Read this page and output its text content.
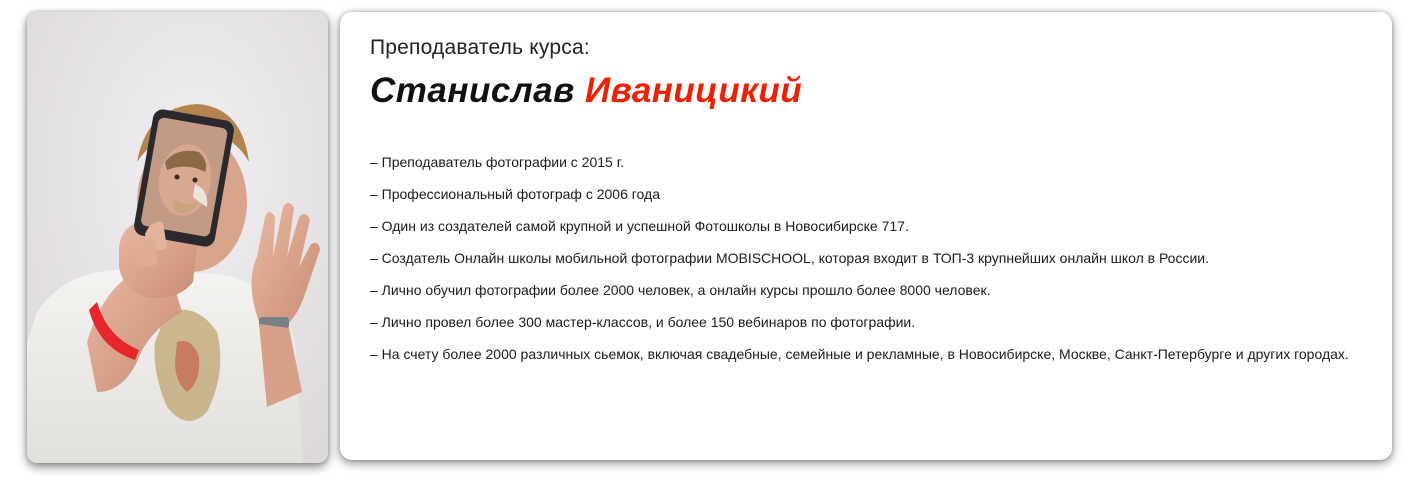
Преподаватель курса:
Станислав Иваницикий
– Преподаватель фотографии с 2015 г.
– Профессиональный фотограф с 2006 года
– Один из создателей самой крупной и успешной Фотошколы в Новосибирске 717.
– Создатель Онлайн школы мобильной фотографии MOBISCHOOL, которая входит в ТОП-3 крупнейших онлайн школ в России.
– Лично обучил фотографии более 2000 человек, а онлайн курсы прошло более 8000 человек.
– Лично провел более 300 мастер-классов, и более 150 вебинаров по фотографии.
– На счету более 2000 различных сьемок, включая свадебные, семейные и рекламные, в Новосибирске, Москве, Санкт-Петербурге и других городах.
